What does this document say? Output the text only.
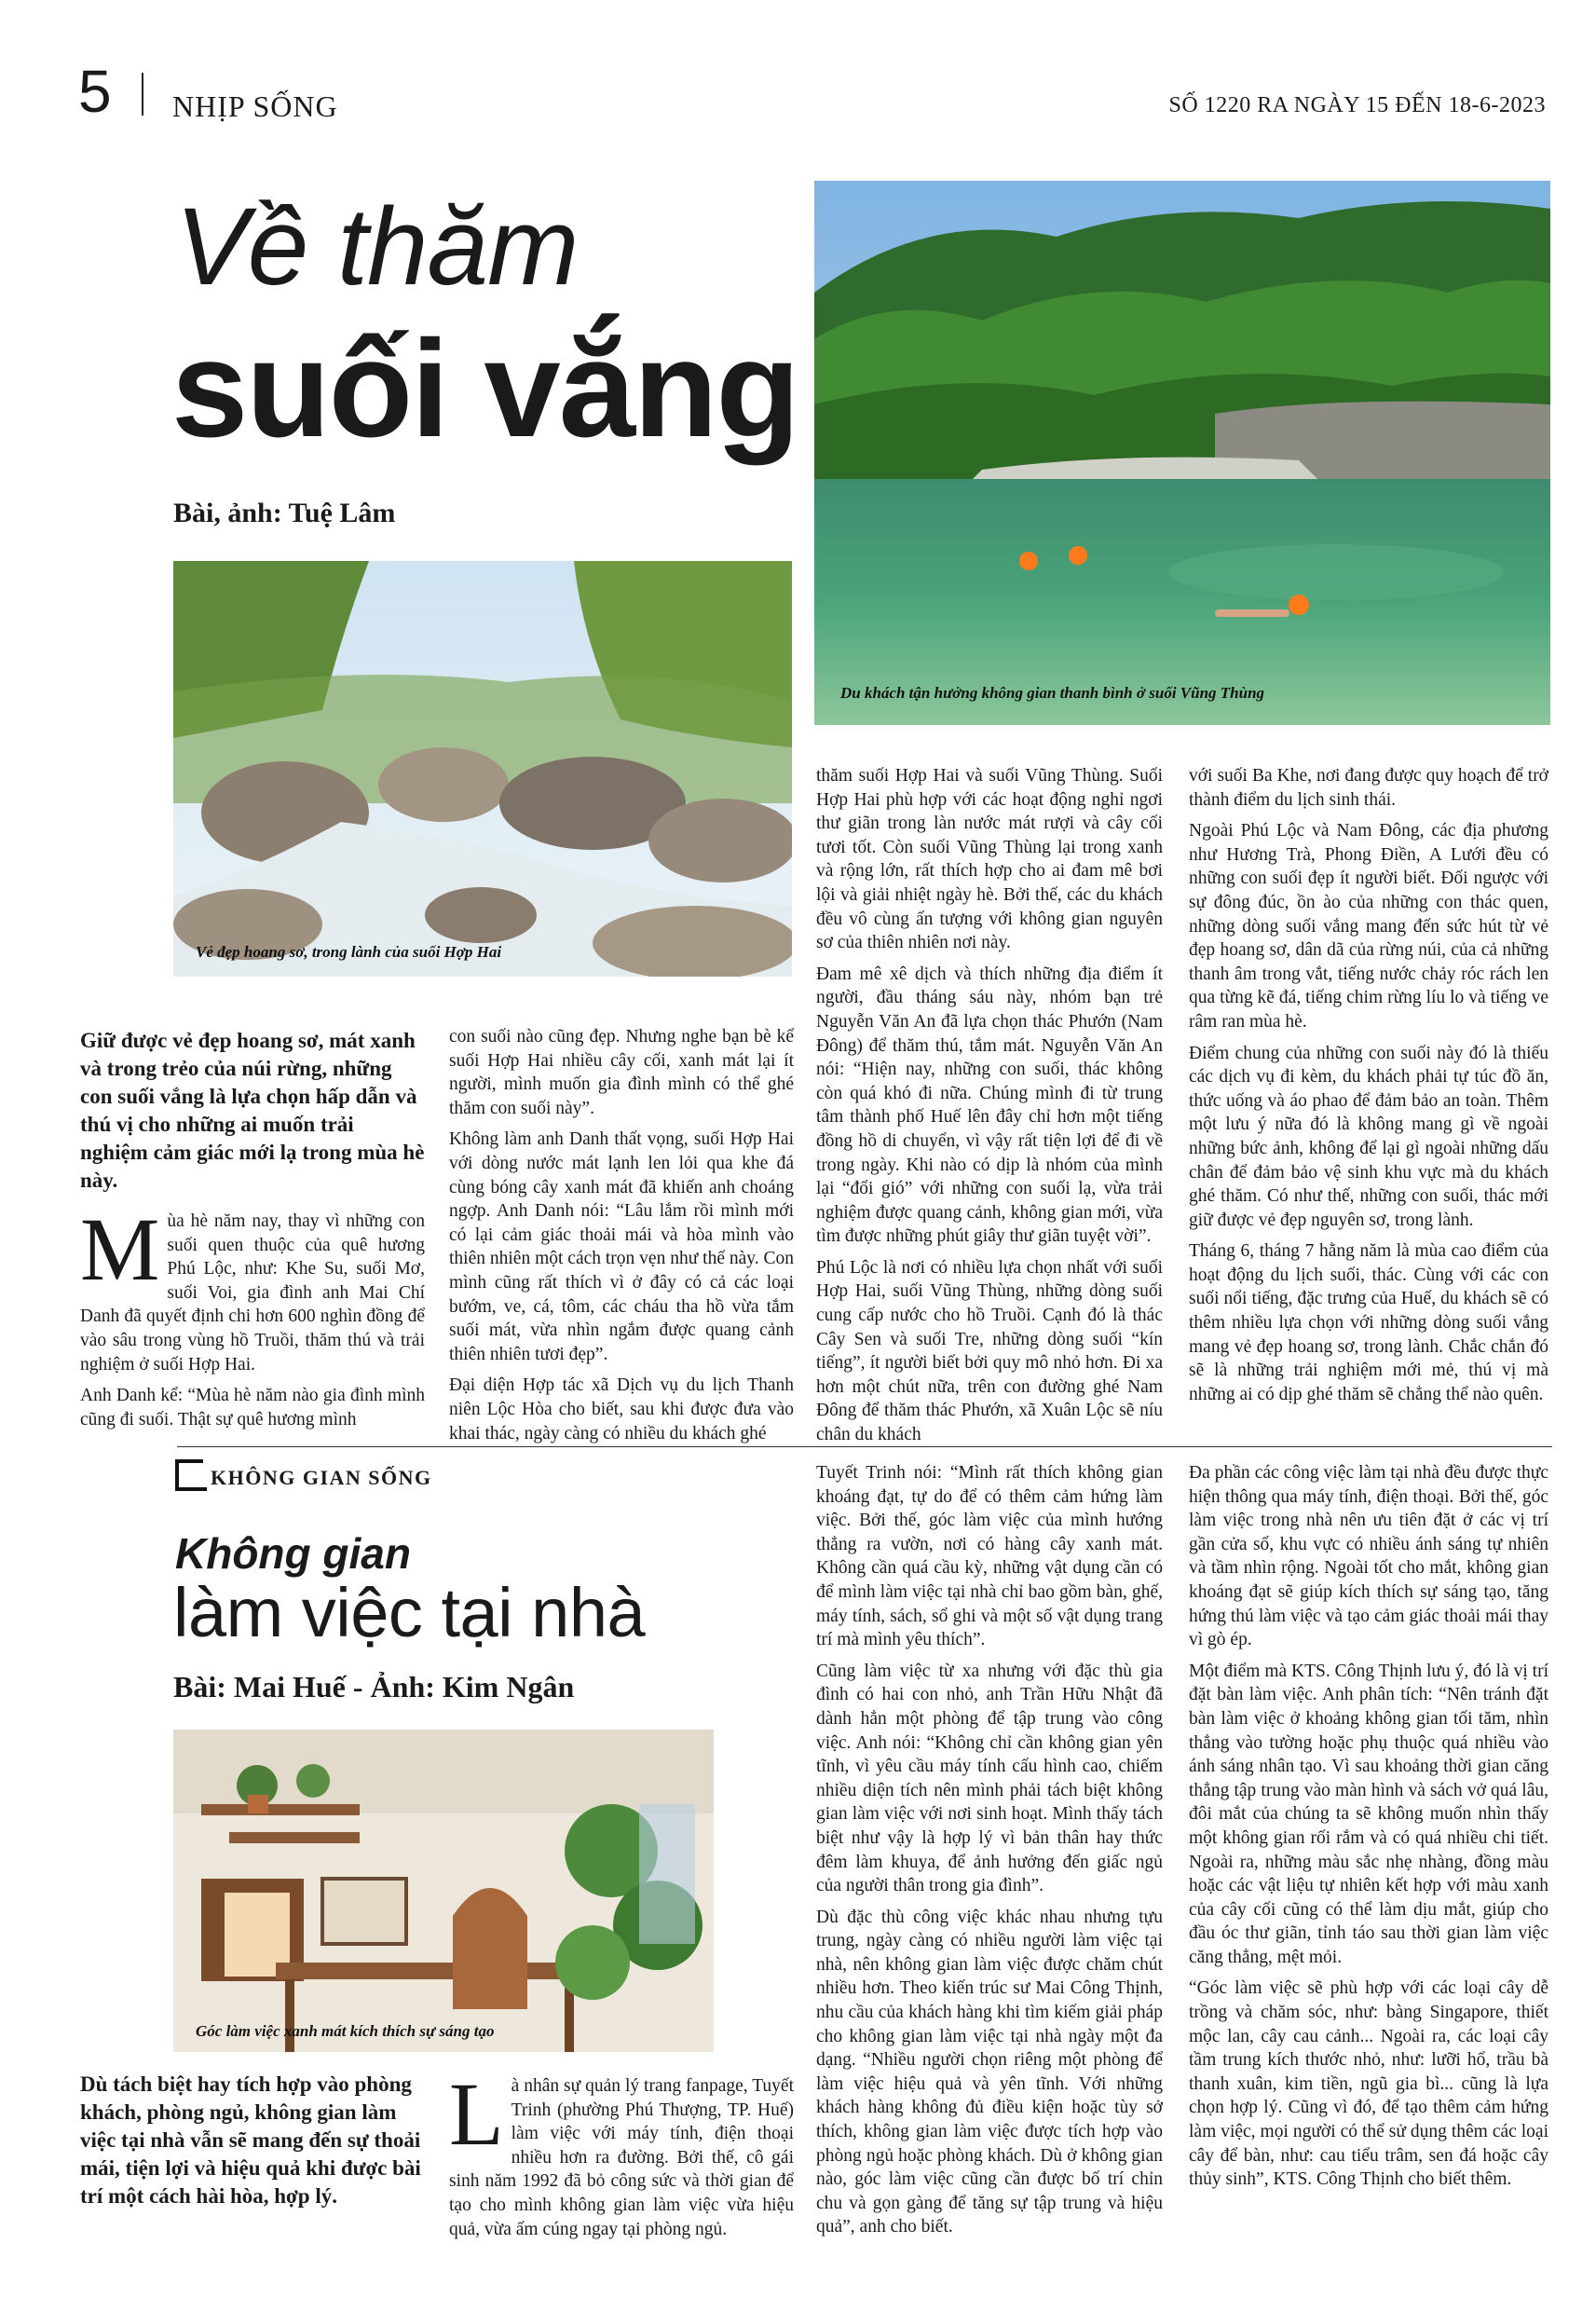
5 NHỊP SỐNG	SỐ 1220 RA NGÀY 15 ĐẾN 18-6-2023
Về thăm
suối vắng
Bài, ảnh: Tuệ Lâm
Du khách tận hưởng không gian thanh bình ở suối Vũng Thùng
Vẻ đẹp hoang sơ, trong lành của suối Hợp Hai
Giữ được vẻ đẹp hoang sơ, mát xanh và trong trẻo của núi rừng, những con suối vắng là lựa chọn hấp dẫn và thú vị cho những ai muốn trải nghiệm cảm giác mới lạ trong mùa hè này.

Mùa hè năm nay, thay vì những con suối quen thuộc của quê hương Phú Lộc, như: Khe Su, suối Mơ, suối Voi, gia đình anh Mai Chí Danh đã quyết định chi hơn 600 nghìn đồng để vào sâu trong vùng hồ Truồi, thăm thú và trải nghiệm ở suối Hợp Hai.

Anh Danh kể: “Mùa hè năm nào gia đình mình cũng đi suối. Thật sự quê hương mình

con suối nào cũng đẹp. Nhưng nghe bạn bè kể suối Hợp Hai nhiều cây cối, xanh mát lại ít người, mình muốn gia đình mình có thể ghé thăm con suối này”.

Không làm anh Danh thất vọng, suối Hợp Hai với dòng nước mát lạnh len lỏi qua khe đá cùng bóng cây xanh mát đã khiến anh choáng ngợp. Anh Danh nói: “Lâu lắm rồi mình mới có lại cảm giác thoải mái và hòa mình vào thiên nhiên một cách trọn vẹn như thế này. Con mình cũng rất thích vì ở đây có cả các loại bướm, ve, cá, tôm, các cháu tha hồ vừa tắm suối mát, vừa nhìn ngắm được quang cảnh thiên nhiên tươi đẹp”.

Đại diện Hợp tác xã Dịch vụ du lịch Thanh niên Lộc Hòa cho biết, sau khi được đưa vào khai thác, ngày càng có nhiều du khách ghé

thăm suối Hợp Hai và suối Vũng Thùng. Suối Hợp Hai phù hợp với các hoạt động nghỉ ngơi thư giãn trong làn nước mát rượi và cây cối tươi tốt. Còn suối Vũng Thùng lại trong xanh và rộng lớn, rất thích hợp cho ai đam mê bơi lội và giải nhiệt ngày hè. Bởi thế, các du khách đều vô cùng ấn tượng với không gian nguyên sơ của thiên nhiên nơi này.

Đam mê xê dịch và thích những địa điểm ít người, đầu tháng sáu này, nhóm bạn trẻ Nguyễn Văn An đã lựa chọn thác Phướn (Nam Đông) để thăm thú, tắm mát. Nguyễn Văn An nói: “Hiện nay, những con suối, thác không còn quá khó đi nữa. Chúng mình đi từ trung tâm thành phố Huế lên đây chỉ hơn một tiếng đồng hồ di chuyển, vì vậy rất tiện lợi để đi về trong ngày. Khi nào có dịp là nhóm của mình lại “đổi gió” với những con suối lạ, vừa trải nghiệm được quang cảnh, không gian mới, vừa tìm được những phút giây thư giãn tuyệt vời”.

Phú Lộc là nơi có nhiều lựa chọn nhất với suối Hợp Hai, suối Vũng Thùng, những dòng suối cung cấp nước cho hồ Truồi. Cạnh đó là thác Cây Sen và suối Tre, những dòng suối “kín tiếng”, ít người biết bởi quy mô nhỏ hơn. Đi xa hơn một chút nữa, trên con đường ghé Nam Đông để thăm thác Phướn, xã Xuân Lộc sẽ níu chân du khách

với suối Ba Khe, nơi đang được quy hoạch để trở thành điểm du lịch sinh thái.

Ngoài Phú Lộc và Nam Đông, các địa phương như Hương Trà, Phong Điền, A Lưới đều có những con suối đẹp ít người biết. Đối ngược với sự đông đúc, ồn ào của những con thác quen, những dòng suối vắng mang đến sức hút từ vẻ đẹp hoang sơ, dân dã của rừng núi, của cả những thanh âm trong vắt, tiếng nước chảy róc rách len qua từng kẽ đá, tiếng chim rừng líu lo và tiếng ve râm ran mùa hè.

Điểm chung của những con suối này đó là thiếu các dịch vụ đi kèm, du khách phải tự túc đồ ăn, thức uống và áo phao để đảm bảo an toàn. Thêm một lưu ý nữa đó là không mang gì về ngoài những bức ảnh, không để lại gì ngoài những dấu chân để đảm bảo vệ sinh khu vực mà du khách ghé thăm. Có như thế, những con suối, thác mới giữ được vẻ đẹp nguyên sơ, trong lành.

Tháng 6, tháng 7 hằng năm là mùa cao điểm của hoạt động du lịch suối, thác. Cùng với các con suối nổi tiếng, đặc trưng của Huế, du khách sẽ có thêm nhiều lựa chọn với những dòng suối vắng mang vẻ đẹp hoang sơ, trong lành. Chắc chắn đó sẽ là những trải nghiệm mới mẻ, thú vị mà những ai có dịp ghé thăm sẽ chẳng thể nào quên.

KHÔNG GIAN SỐNG
Không gian
làm việc tại nhà
Bài: Mai Huế - Ảnh: Kim Ngân
Góc làm việc xanh mát kích thích sự sáng tạo
Dù tách biệt hay tích hợp vào phòng khách, phòng ngủ, không gian làm việc tại nhà vẫn sẽ mang đến sự thoải mái, tiện lợi và hiệu quả khi được bài trí một cách hài hòa, hợp lý.

Là nhân sự quản lý trang fanpage, Tuyết Trinh (phường Phú Thượng, TP. Huế) làm việc với máy tính, điện thoại nhiều hơn ra đường. Bởi thế, cô gái sinh năm 1992 đã bỏ công sức và thời gian để tạo cho mình không gian làm việc vừa hiệu quả, vừa ấm cúng ngay tại phòng ngủ.

Tuyết Trinh nói: “Mình rất thích không gian khoáng đạt, tự do để có thêm cảm hứng làm việc. Bởi thế, góc làm việc của mình hướng thẳng ra vườn, nơi có hàng cây xanh mát. Không cần quá cầu kỳ, những vật dụng cần có để mình làm việc tại nhà chỉ bao gồm bàn, ghế, máy tính, sách, sổ ghi và một số vật dụng trang trí mà mình yêu thích”.

Cũng làm việc từ xa nhưng với đặc thù gia đình có hai con nhỏ, anh Trần Hữu Nhật đã dành hẳn một phòng để tập trung vào công việc. Anh nói: “Không chỉ cần không gian yên tĩnh, vì yêu cầu máy tính cấu hình cao, chiếm nhiều diện tích nên mình phải tách biệt không gian làm việc với nơi sinh hoạt. Mình thấy tách biệt như vậy là hợp lý vì bản thân hay thức đêm làm khuya, để ảnh hưởng đến giấc ngủ của người thân trong gia đình”.

Dù đặc thù công việc khác nhau nhưng tựu trung, ngày càng có nhiều người làm việc tại nhà, nên không gian làm việc được chăm chút nhiều hơn. Theo kiến trúc sư Mai Công Thịnh, nhu cầu của khách hàng khi tìm kiếm giải pháp cho không gian làm việc tại nhà ngày một đa dạng. “Nhiều người chọn riêng một phòng để làm việc hiệu quả và yên tĩnh. Với những khách hàng không đủ điều kiện hoặc tùy sở thích, không gian làm việc được tích hợp vào phòng ngủ hoặc phòng khách. Dù ở không gian nào, góc làm việc cũng cần được bố trí chỉn chu và gọn gàng để tăng sự tập trung và hiệu quả”, anh cho biết.

Đa phần các công việc làm tại nhà đều được thực hiện thông qua máy tính, điện thoại. Bởi thế, góc làm việc trong nhà nên ưu tiên đặt ở các vị trí gần cửa sổ, khu vực có nhiều ánh sáng tự nhiên và tầm nhìn rộng. Ngoài tốt cho mắt, không gian khoáng đạt sẽ giúp kích thích sự sáng tạo, tăng hứng thú làm việc và tạo cảm giác thoải mái thay vì gò ép.

Một điểm mà KTS. Công Thịnh lưu ý, đó là vị trí đặt bàn làm việc. Anh phân tích: “Nên tránh đặt bàn làm việc ở khoảng không gian tối tăm, nhìn thẳng vào tường hoặc phụ thuộc quá nhiều vào ánh sáng nhân tạo. Vì sau khoảng thời gian căng thẳng tập trung vào màn hình và sách vở quá lâu, đôi mắt của chúng ta sẽ không muốn nhìn thấy một không gian rối rắm và có quá nhiều chi tiết. Ngoài ra, những màu sắc nhẹ nhàng, đồng màu hoặc các vật liệu tự nhiên kết hợp với màu xanh của cây cối cũng có thể làm dịu mắt, giúp cho đầu óc thư giãn, tỉnh táo sau thời gian làm việc căng thẳng, mệt mỏi.

“Góc làm việc sẽ phù hợp với các loại cây dễ trồng và chăm sóc, như: bàng Singapore, thiết mộc lan, cây cau cảnh... Ngoài ra, các loại cây tầm trung kích thước nhỏ, như: lưỡi hổ, trầu bà thanh xuân, kim tiền, ngũ gia bì... cũng là lựa chọn hợp lý. Cũng vì đó, để tạo thêm cảm hứng làm việc, mọi người có thể sử dụng thêm các loại cây để bàn, như: cau tiểu trâm, sen đá hoặc cây thủy sinh”, KTS. Công Thịnh cho biết thêm.
